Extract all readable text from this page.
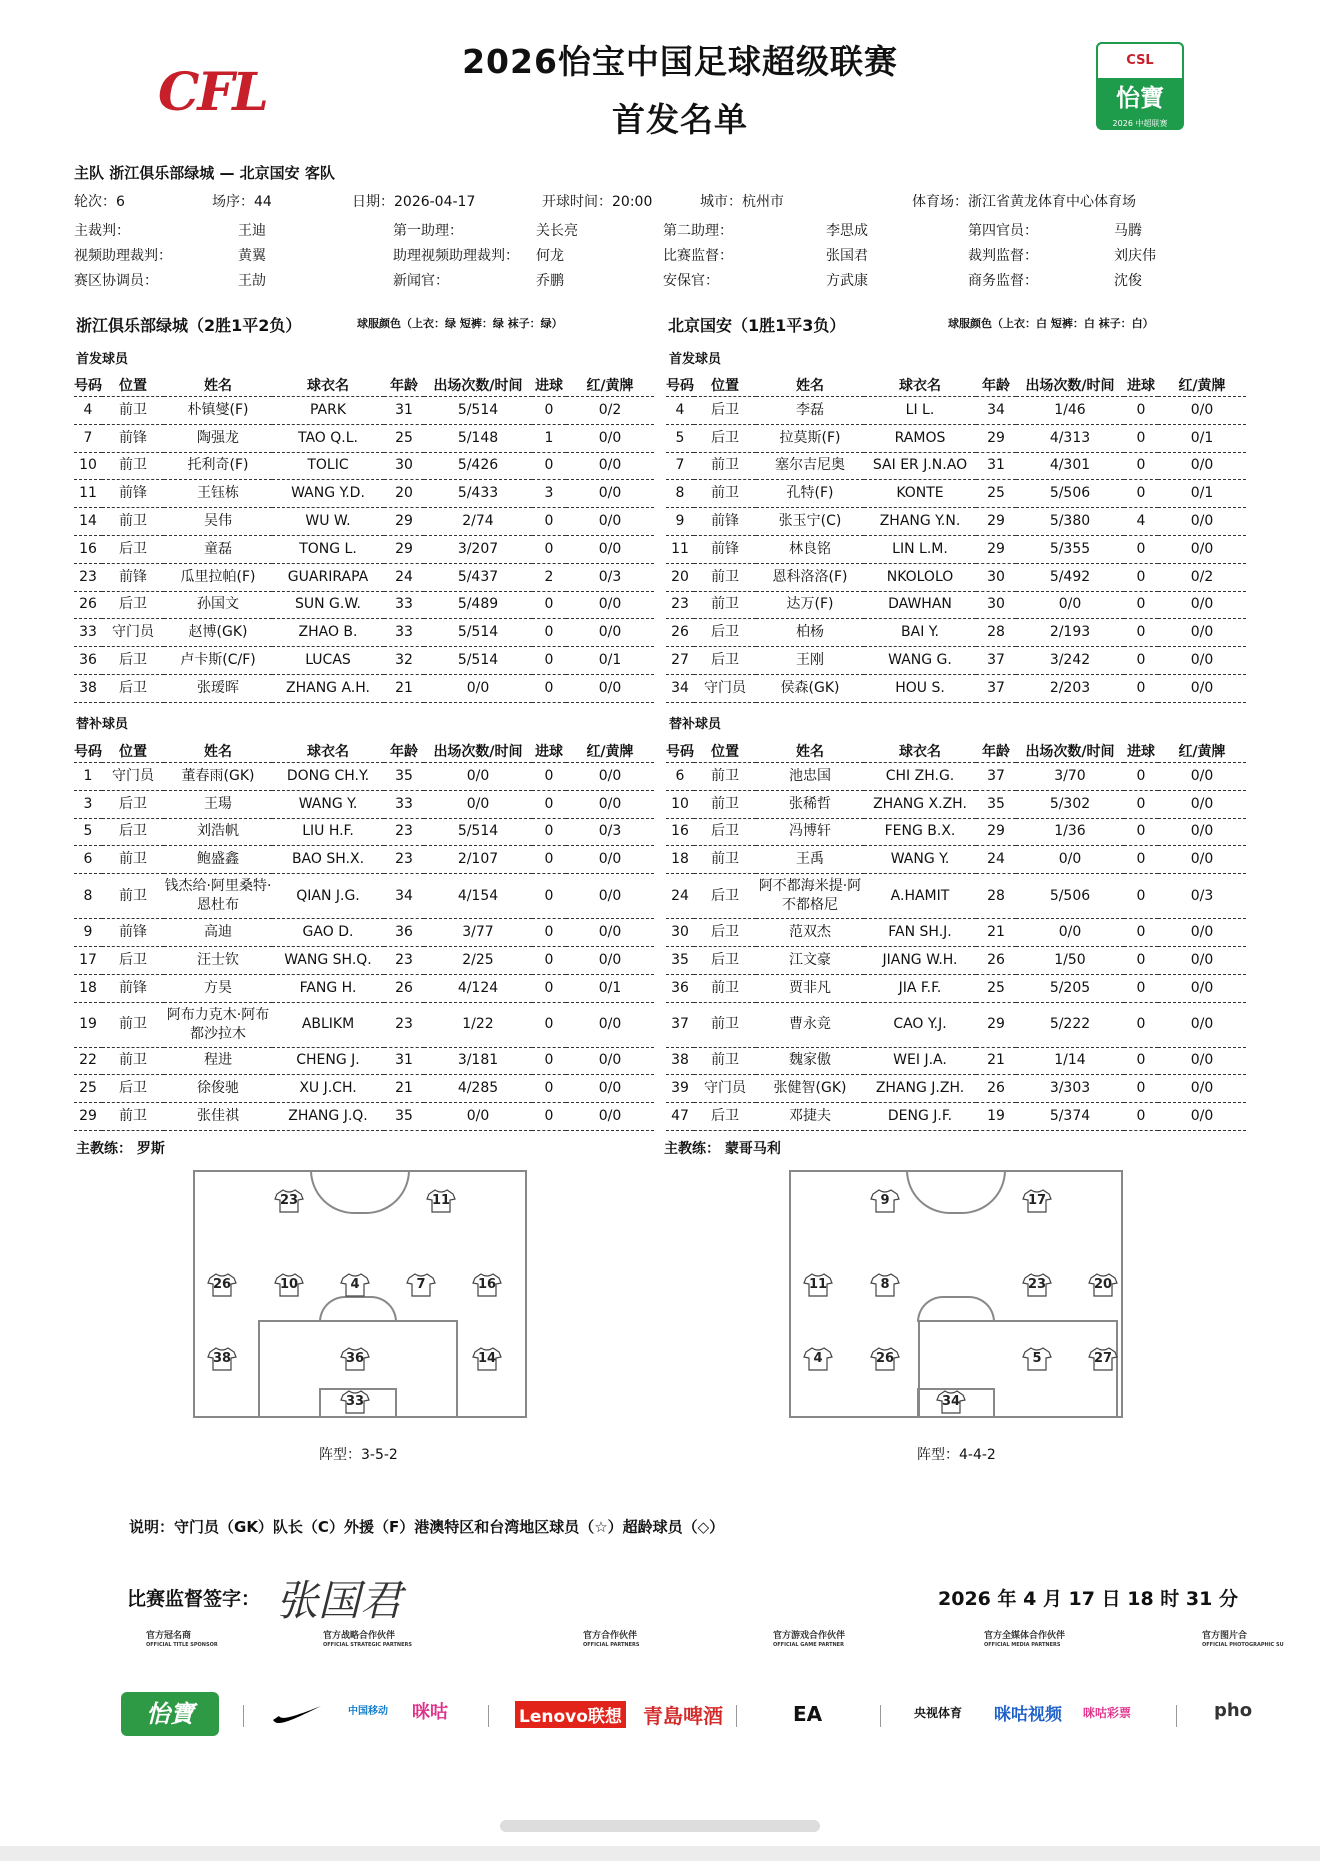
CFL
CSL
怡寶
2026 中超联赛
2026怡宝中国足球超级联赛
首发名单
主队 浙江俱乐部绿城 — 北京国安 客队
轮次：6	场序：44	日期：2026-04-17	开球时间：20:00	城市：杭州市	体育场：浙江省黄龙体育中心体育场
主裁判：	王迪	第一助理：	关长亮	第二助理：	李思成	第四官员：	马腾
视频助理裁判：	黄翼	助理视频助理裁判： 何龙	比赛监督：	张国君	裁判监督：	刘庆伟
赛区协调员：	王劼	新闻官：	乔鹏	安保官：	方武康	商务监督：	沈俊
浙江俱乐部绿城（2胜1平2负）	球服颜色（上衣：绿 短裤：绿 袜子：绿）	北京国安（1胜1平3负）	球服颜色（上衣：白 短裤：白 袜子：白）
首发球员	首发球员
替补球员	替补球员
号码	位置	姓名	球衣名	年龄	出场次数/时间	进球	红/黄牌
4	前卫	朴镇燮(F)	PARK	31	5/514	0	0/2
7	前锋	陶强龙	TAO Q.L.	25	5/148	1	0/0
10	前卫	托利奇(F)	TOLIC	30	5/426	0	0/0
11	前锋	王钰栋	WANG Y.D.	20	5/433	3	0/0
14	前卫	吴伟	WU W.	29	2/74	0	0/0
16	后卫	童磊	TONG L.	29	3/207	0	0/0
23	前锋	瓜里拉帕(F)	GUARIRAPA	24	5/437	2	0/3
26	后卫	孙国文	SUN G.W.	33	5/489	0	0/0
33	守门员	赵博(GK)	ZHAO B.	33	5/514	0	0/0
36	后卫	卢卡斯(C/F)	LUCAS	32	5/514	0	0/1
38	后卫	张瑷晖	ZHANG A.H.	21	0/0	0	0/0
号码	位置	姓名	球衣名	年龄	出场次数/时间	进球	红/黄牌
4	后卫	李磊	LI L.	34	1/46	0	0/0
5	后卫	拉莫斯(F)	RAMOS	29	4/313	0	0/1
7	前卫	塞尔吉尼奥	SAI ER J.N.AO	31	4/301	0	0/0
8	前卫	孔特(F)	KONTE	25	5/506	0	0/1
9	前锋	张玉宁(C)	ZHANG Y.N.	29	5/380	4	0/0
11	前锋	林良铭	LIN L.M.	29	5/355	0	0/0
20	前卫	恩科洛洛(F)	NKOLOLO	30	5/492	0	0/2
23	前卫	达万(F)	DAWHAN	30	0/0	0	0/0
26	后卫	柏杨	BAI Y.	28	2/193	0	0/0
27	后卫	王刚	WANG G.	37	3/242	0	0/0
34	守门员	侯森(GK)	HOU S.	37	2/203	0	0/0
号码	位置	姓名	球衣名	年龄	出场次数/时间	进球	红/黄牌
1	守门员	董春雨(GK)	DONG CH.Y.	35	0/0	0	0/0
3	后卫	王瑒	WANG Y.	33	0/0	0	0/0
5	后卫	刘浩帆	LIU H.F.	23	5/514	0	0/3
6	前卫	鲍盛鑫	BAO SH.X.	23	2/107	0	0/0
8	前卫	钱杰给·阿里桑特·恩杜布	QIAN J.G.	34	4/154	0	0/0
9	前锋	高迪	GAO D.	36	3/77	0	0/0
17	后卫	汪士钦	WANG SH.Q.	23	2/25	0	0/0
18	前锋	方昊	FANG H.	26	4/124	0	0/1
19	前卫	阿布力克木·阿布都沙拉木	ABLIKM	23	1/22	0	0/0
22	前卫	程进	CHENG J.	31	3/181	0	0/0
25	后卫	徐俊驰	XU J.CH.	21	4/285	0	0/0
29	前卫	张佳祺	ZHANG J.Q.	35	0/0	0	0/0
号码	位置	姓名	球衣名	年龄	出场次数/时间	进球	红/黄牌
6	前卫	池忠国	CHI ZH.G.	37	3/70	0	0/0
10	前卫	张稀哲	ZHANG X.ZH.	35	5/302	0	0/0
16	后卫	冯博轩	FENG B.X.	29	1/36	0	0/0
18	前卫	王禹	WANG Y.	24	0/0	0	0/0
24	后卫	阿不都海米提·阿不都格尼	A.HAMIT	28	5/506	0	0/3
30	后卫	范双杰	FAN SH.J.	21	0/0	0	0/0
35	后卫	江文豪	JIANG W.H.	26	1/50	0	0/0
36	前卫	贾非凡	JIA F.F.	25	5/205	0	0/0
37	前卫	曹永竞	CAO Y.J.	29	5/222	0	0/0
38	前卫	魏家傲	WEI J.A.	21	1/14	0	0/0
39	守门员	张健智(GK)	ZHANG J.ZH.	26	3/303	0	0/0
47	后卫	邓捷夫	DENG J.F.	19	5/374	0	0/0
主教练： 罗斯	主教练： 蒙哥马利
23	11
26	10	4	7	16
38	36	14
33
9	17
11	8	23	20
4	26	5	27
34
阵型：3-5-2	阵型：4-4-2
说明：守门员（GK）队长（C）外援（F）港澳特区和台湾地区球员（☆）超龄球员（◇）
比赛监督签字： 张国君	2026 年 4 月 17 日 18 时 31 分
官方冠名商
OFFICIAL TITLE SPONSOR
官方战略合作伙伴
OFFICIAL STRATEGIC PARTNERS
官方合作伙伴
OFFICIAL PARTNERS
官方游戏合作伙伴
OFFICIAL GAME PARTNER
官方全媒体合作伙伴
OFFICIAL MEDIA PARTNERS
官方图片合
OFFICIAL PHOTOGRAPHIC SU
怡寶	中国移动 咪咕	Lenovo联想 青島啤酒	EA	央视体育 咪咕视频 咪咕彩票	pho
